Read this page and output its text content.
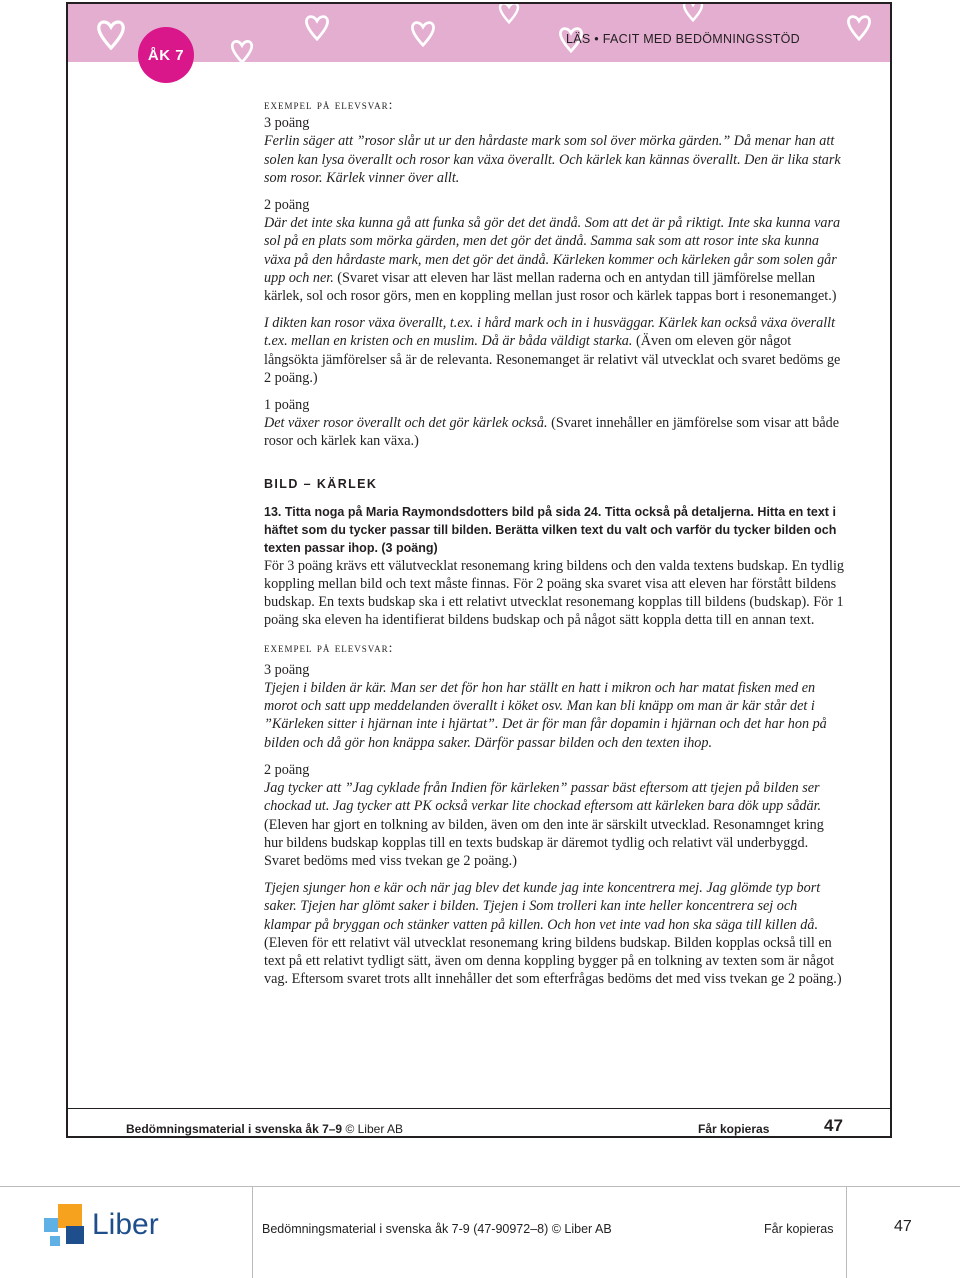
LÄS • FACIT MED BEDÖMNINGSSTÖD
ÅK 7

exempel på elevsvar:

3 poäng

Ferlin säger att ”rosor slår ut ur den hårdaste mark som sol över mörka gärden.” Då menar han att solen kan lysa överallt och rosor kan växa överallt. Och kärlek kan kännas överallt. Den är lika stark som rosor. Kärlek vinner över allt.

2 poäng

Där det inte ska kunna gå att funka så gör det det ändå. Som att det är på riktigt. Inte ska kunna vara sol på en plats som mörka gärden, men det gör det ändå. Samma sak som att rosor inte ska kunna växa på den hårdaste mark, men det gör det ändå. Kärleken kommer och kärleken går som solen går upp och ner. (Svaret visar att eleven har läst mellan raderna och en antydan till jämförelse mellan kärlek, sol och rosor görs, men en koppling mellan just rosor och kärlek tappas bort i resonemanget.)

I dikten kan rosor växa överallt, t.ex. i hård mark och in i husväggar. Kärlek kan också växa överallt t.ex. mellan en kristen och en muslim. Då är båda väldigt starka. (Även om eleven gör något långsökta jämförelser så är de relevanta. Resonemanget är relativt väl utvecklat och svaret bedöms ge 2 poäng.)

1 poäng

Det växer rosor överallt och det gör kärlek också. (Svaret innehåller en jämförelse som visar att både rosor och kärlek kan växa.)

BILD – KÄRLEK

13. Titta noga på Maria Raymondsdotters bild på sida 24. Titta också på detaljerna. Hitta en text i häftet som du tycker passar till bilden. Berätta vilken text du valt och varför du tycker bilden och texten passar ihop. (3 poäng)

För 3 poäng krävs ett välutvecklat resonemang kring bildens och den valda textens budskap. En tydlig koppling mellan bild och text måste finnas. För 2 poäng ska svaret visa att eleven har förstått bildens budskap. En texts budskap ska i ett relativt utvecklat resonemang kopplas till bildens (budskap). För 1 poäng ska eleven ha identifierat bildens budskap och på något sätt koppla detta till en annan text.

exempel på elevsvar:

3 poäng

Tjejen i bilden är kär. Man ser det för hon har ställt en hatt i mikron och har matat fisken med en morot och satt upp meddelanden överallt i köket osv. Man kan bli knäpp om man är kär står det i ”Kärleken sitter i hjärnan inte i hjärtat”. Det är för man får dopamin i hjärnan och det har hon på bilden och då gör hon knäppa saker. Därför passar bilden och den texten ihop.

2 poäng

Jag tycker att ”Jag cyklade från Indien för kärleken” passar bäst eftersom att tjejen på bilden ser chockad ut. Jag tycker att PK också verkar lite chockad eftersom att kärleken bara dök upp sådär. (Eleven har gjort en tolkning av bilden, även om den inte är särskilt utvecklad. Resonamnget kring hur bildens budskap kopplas till en texts budskap är däremot tydlig och relativt väl underbyggd. Svaret bedöms med viss tvekan ge 2 poäng.)

Tjejen sjunger hon e kär och när jag blev det kunde jag inte koncentrera mej. Jag glömde typ bort saker. Tjejen har glömt saker i bilden. Tjejen i Som trolleri kan inte heller koncentrera sej och klampar på bryggan och stänker vatten på killen. Och hon vet inte vad hon ska säga till killen då. (Eleven för ett relativt väl utvecklat resonemang kring bildens budskap. Bilden kopplas också till en text på ett relativt tydligt sätt, även om denna koppling bygger på en tolkning av texten som är något vag. Eftersom svaret trots allt innehåller det som efterfrågas bedöms det med viss tvekan ge 2 poäng.)

Bedömningsmaterial i svenska åk 7–9 © Liber AB	Får kopieras	47
Liber	Bedömningsmaterial i svenska åk 7-9 (47-90972–8) © Liber AB	Får kopieras	47
